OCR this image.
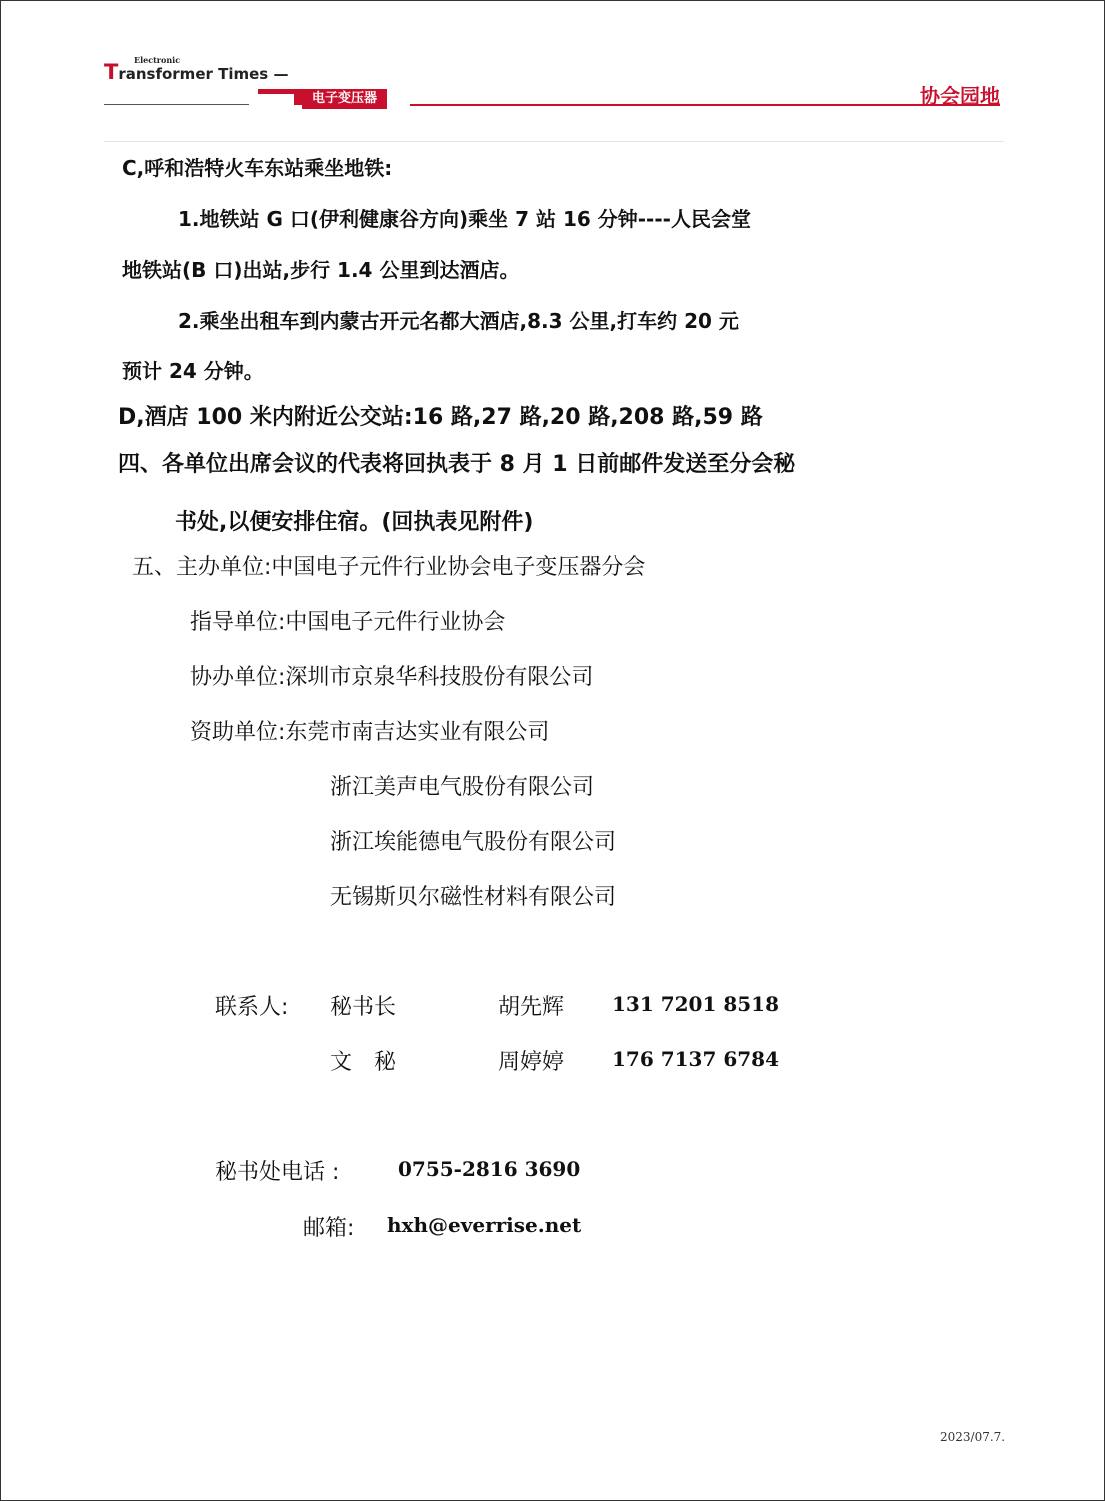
Electronic
Transformer Times —
电子变压器	协会园地
C,呼和浩特火车东站乘坐地铁:
1.地铁站 G 口(伊利健康谷方向)乘坐 7 站 16 分钟----人民会堂
地铁站(B 口)出站,步行 1.4 公里到达酒店。
2.乘坐出租车到内蒙古开元名都大酒店,8.3 公里,打车约 20 元
预计 24 分钟。
D,酒店 100 米内附近公交站:16 路,27 路,20 路,208 路,59 路
四、各单位出席会议的代表将回执表于 8 月 1 日前邮件发送至分会秘
书处,以便安排住宿。(回执表见附件)
五、主办单位:中国电子元件行业协会电子变压器分会
指导单位:中国电子元件行业协会
协办单位:深圳市京泉华科技股份有限公司
资助单位:东莞市南吉达实业有限公司
浙江美声电气股份有限公司
浙江埃能德电气股份有限公司
无锡斯贝尔磁性材料有限公司
联系人: 秘书长	胡先辉 131 7201 8518
文　秘	周婷婷 176 7137 6784
秘书处电话 :	0755-2816 3690
邮箱: hxh@everrise.net
2023/07.7.
